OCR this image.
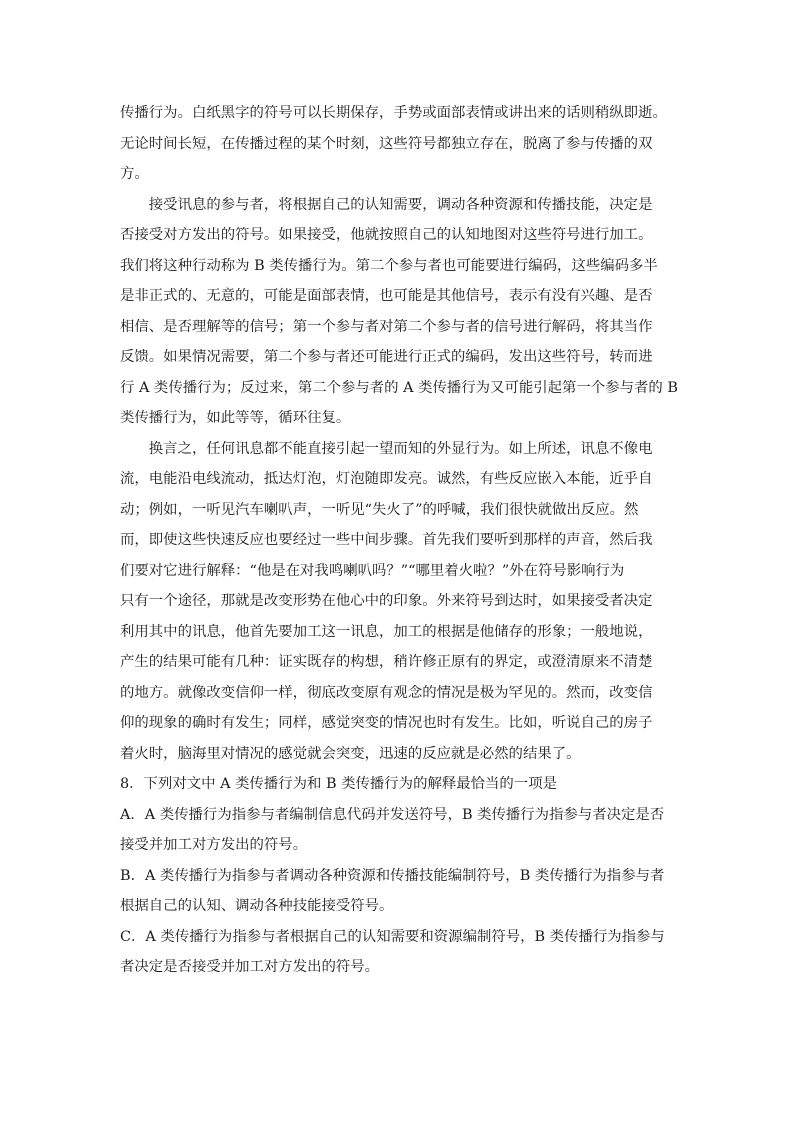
传播行为。白纸黑字的符号可以长期保存，手势或面部表情或讲出来的话则稍纵即逝。
无论时间长短，在传播过程的某个时刻，这些符号都独立存在，脱离了参与传播的双
方。
　　接受讯息的参与者，将根据自己的认知需要，调动各种资源和传播技能，决定是
否接受对方发出的符号。如果接受，他就按照自己的认知地图对这些符号进行加工。
我们将这种行动称为 B 类传播行为。第二个参与者也可能要进行编码，这些编码多半
是非正式的、无意的，可能是面部表情，也可能是其他信号，表示有没有兴趣、是否
相信、是否理解等的信号；第一个参与者对第二个参与者的信号进行解码，将其当作
反馈。如果情况需要，第二个参与者还可能进行正式的编码，发出这些符号，转而进
行 A 类传播行为；反过来，第二个参与者的 A 类传播行为又可能引起第一个参与者的 B
类传播行为，如此等等，循环往复。
　　换言之，任何讯息都不能直接引起一望而知的外显行为。如上所述，讯息不像电
流，电能沿电线流动，抵达灯泡，灯泡随即发亮。诚然，有些反应嵌入本能，近乎自
动；例如，一听见汽车喇叭声，一听见“失火了”的呼喊，我们很快就做出反应。然
而，即使这些快速反应也要经过一些中间步骤。首先我们要听到那样的声音，然后我
们要对它进行解释：“他是在对我鸣喇叭吗？”“哪里着火啦？”外在符号影响行为
只有一个途径，那就是改变形势在他心中的印象。外来符号到达时，如果接受者决定
利用其中的讯息，他首先要加工这一讯息，加工的根据是他储存的形象；一般地说，
产生的结果可能有几种：证实既存的构想，稍许修正原有的界定，或澄清原来不清楚
的地方。就像改变信仰一样，彻底改变原有观念的情况是极为罕见的。然而，改变信
仰的现象的确时有发生；同样，感觉突变的情况也时有发生。比如，听说自己的房子
着火时，脑海里对情况的感觉就会突变，迅速的反应就是必然的结果了。
8．下列对文中 A 类传播行为和 B 类传播行为的解释最恰当的一项是
A．A 类传播行为指参与者编制信息代码并发送符号，B 类传播行为指参与者决定是否
接受并加工对方发出的符号。
B．A 类传播行为指参与者调动各种资源和传播技能编制符号，B 类传播行为指参与者
根据自己的认知、调动各种技能接受符号。
C．A 类传播行为指参与者根据自己的认知需要和资源编制符号，B 类传播行为指参与
者决定是否接受并加工对方发出的符号。
